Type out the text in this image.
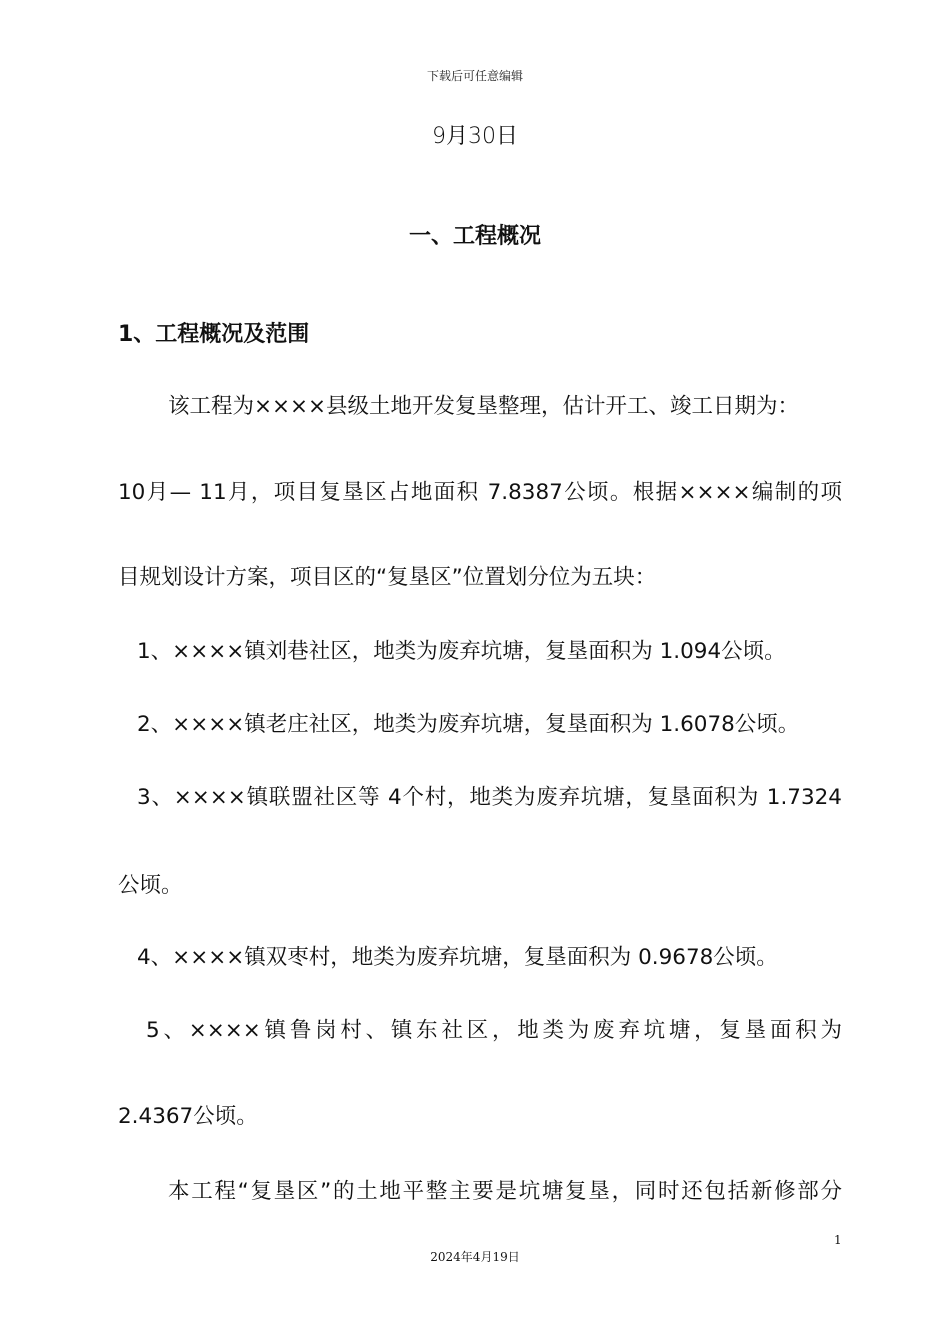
下载后可任意编辑
9月30日
一、工程概况
1、工程概况及范围
该工程为××××县级土地开发复垦整理，估计开工、竣工日期为：
10月— 11月，项目复垦区占地面积 7.8387公顷。根据××××编制的项
目规划设计方案，项目区的“复垦区”位置划分位为五块：
1、××××镇刘巷社区，地类为废弃坑塘，复垦面积为 1.094公顷。
2、××××镇老庄社区，地类为废弃坑塘，复垦面积为 1.6078公顷。
3、××××镇联盟社区等 4个村，地类为废弃坑塘，复垦面积为 1.7324
公顷。
4、××××镇双枣村，地类为废弃坑塘，复垦面积为 0.9678公顷。
5、××××镇鲁岗村、镇东社区，地类为废弃坑塘，复垦面积为
2.4367公顷。
本工程“复垦区”的土地平整主要是坑塘复垦，同时还包括新修部分
1
2024年4月19日
